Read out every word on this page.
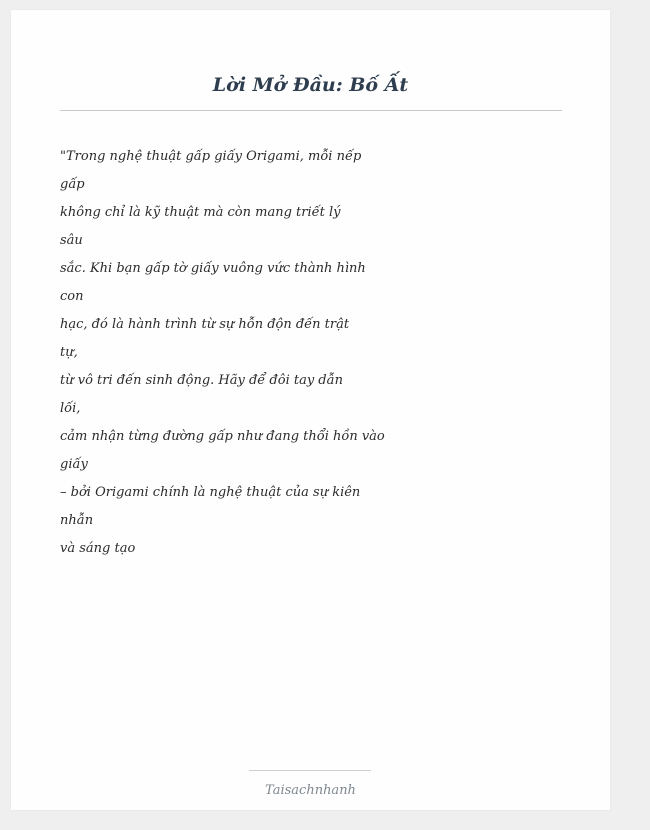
Lời Mở Đầu: Bố Ất
"Trong nghệ thuật gấp giấy Origami, mỗi nếp
gấp
không chỉ là kỹ thuật mà còn mang triết lý
sâu
sắc. Khi bạn gấp tờ giấy vuông vức thành hình
con
hạc, đó là hành trình từ sự hỗn độn đến trật
tự,
từ vô tri đến sinh động. Hãy để đôi tay dẫn
lối,
cảm nhận từng đường gấp như đang thổi hồn vào
giấy
– bởi Origami chính là nghệ thuật của sự kiên
nhẫn
và sáng tạo
Taisachnhanh
